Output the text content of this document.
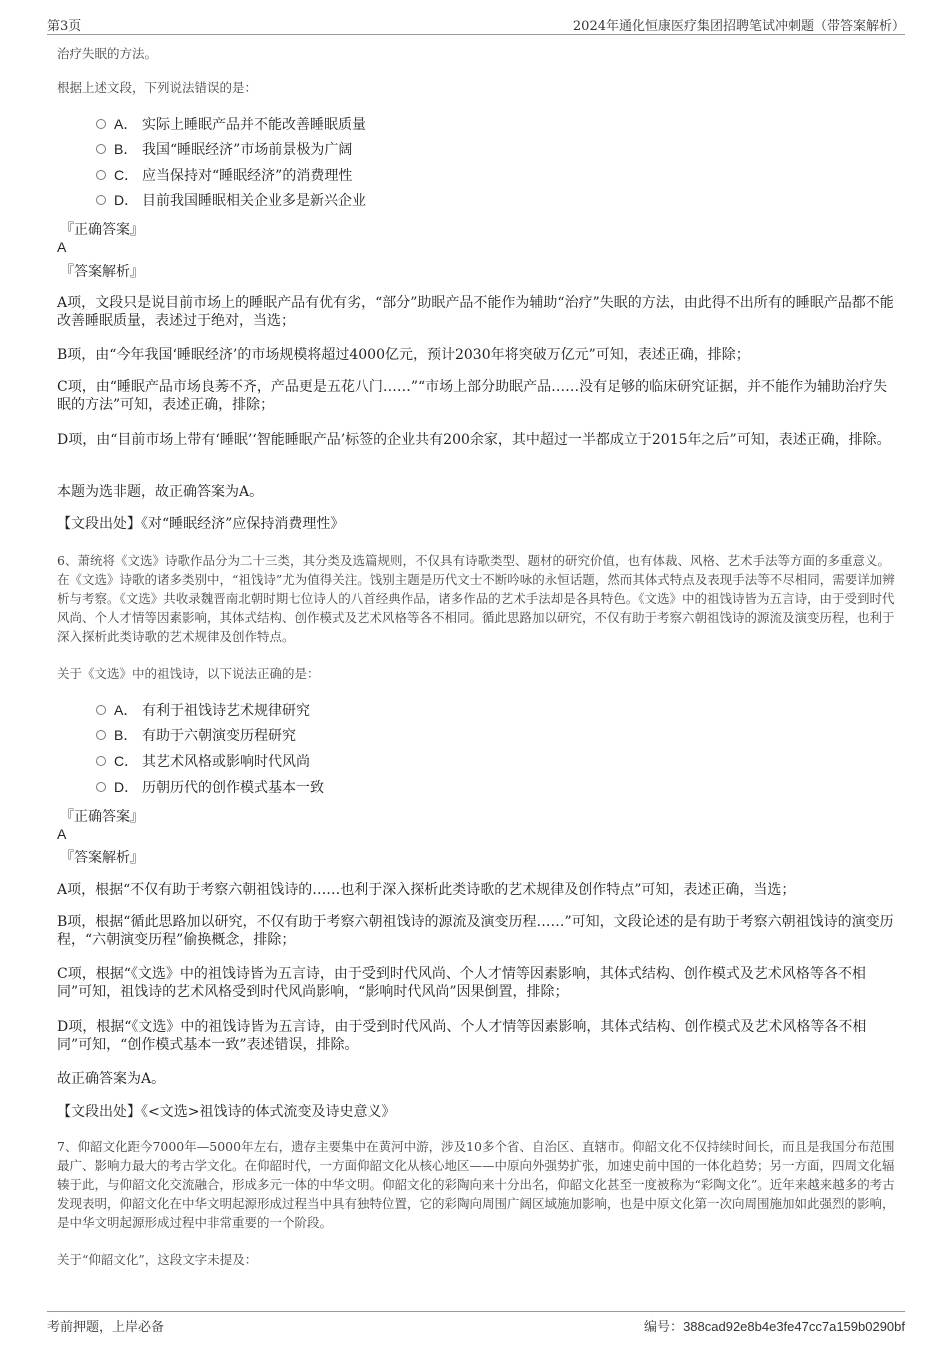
第3页	2024年通化恒康医疗集团招聘笔试冲刺题（带答案解析）
治疗失眠的方法。
根据上述文段，下列说法错误的是：
A． 实际上睡眠产品并不能改善睡眠质量
B． 我国“睡眠经济”市场前景极为广阔
C． 应当保持对“睡眠经济”的消费理性
D． 目前我国睡眠相关企业多是新兴企业
『正确答案』
A
『答案解析』
A项，文段只是说目前市场上的睡眠产品有优有劣，“部分”助眠产品不能作为辅助“治疗”失眠的方法，由此得不出所有的睡眠产品都不能改善睡眠质量，表述过于绝对，当选；
B项，由“今年我国‘睡眠经济’的市场规模将超过4000亿元，预计2030年将突破万亿元”可知，表述正确，排除；
C项，由“睡眠产品市场良莠不齐，产品更是五花八门……”“市场上部分助眠产品……没有足够的临床研究证据，并不能作为辅助治疗失眠的方法”可知，表述正确，排除；
D项，由“目前市场上带有‘睡眠’‘智能睡眠产品’标签的企业共有200余家，其中超过一半都成立于2015年之后”可知，表述正确，排除。
本题为选非题，故正确答案为A。
【文段出处】《对“睡眠经济”应保持消费理性》
6、萧统将《文选》诗歌作品分为二十三类，其分类及选篇规则，不仅具有诗歌类型、题材的研究价值，也有体裁、风格、艺术手法等方面的多重意义。在《文选》诗歌的诸多类别中，“祖饯诗”尤为值得关注。饯别主题是历代文士不断吟咏的永恒话题，然而其体式特点及表现手法等不尽相同，需要详加辨析与考察。《文选》共收录魏晋南北朝时期七位诗人的八首经典作品，诸多作品的艺术手法却是各具特色。《文选》中的祖饯诗皆为五言诗，由于受到时代风尚、个人才情等因素影响，其体式结构、创作模式及艺术风格等各不相同。循此思路加以研究，不仅有助于考察六朝祖饯诗的源流及演变历程，也利于深入探析此类诗歌的艺术规律及创作特点。
关于《文选》中的祖饯诗，以下说法正确的是：
A． 有利于祖饯诗艺术规律研究
B． 有助于六朝演变历程研究
C． 其艺术风格或影响时代风尚
D． 历朝历代的创作模式基本一致
『正确答案』
A
『答案解析』
A项，根据“不仅有助于考察六朝祖饯诗的……也利于深入探析此类诗歌的艺术规律及创作特点”可知，表述正确，当选；
B项，根据“循此思路加以研究，不仅有助于考察六朝祖饯诗的源流及演变历程……”可知，文段论述的是有助于考察六朝祖饯诗的演变历程，“六朝演变历程”偷换概念，排除；
C项，根据“《文选》中的祖饯诗皆为五言诗，由于受到时代风尚、个人才情等因素影响，其体式结构、创作模式及艺术风格等各不相同”可知，祖饯诗的艺术风格受到时代风尚影响，“影响时代风尚”因果倒置，排除；
D项，根据“《文选》中的祖饯诗皆为五言诗，由于受到时代风尚、个人才情等因素影响，其体式结构、创作模式及艺术风格等各不相同”可知，“创作模式基本一致”表述错误，排除。
故正确答案为A。
【文段出处】《<文选>祖饯诗的体式流变及诗史意义》
7、仰韶文化距今7000年—5000年左右，遗存主要集中在黄河中游，涉及10多个省、自治区、直辖市。仰韶文化不仅持续时间长，而且是我国分布范围最广、影响力最大的考古学文化。在仰韶时代，一方面仰韶文化从核心地区——中原向外强势扩张，加速史前中国的一体化趋势；另一方面，四周文化辐辏于此，与仰韶文化交流融合，形成多元一体的中华文明。仰韶文化的彩陶向来十分出名，仰韶文化甚至一度被称为“彩陶文化”。近年来越来越多的考古发现表明，仰韶文化在中华文明起源形成过程当中具有独特位置，它的彩陶向周围广阔区域施加影响，也是中原文化第一次向周围施加如此强烈的影响，是中华文明起源形成过程中非常重要的一个阶段。
关于“仰韶文化”，这段文字未提及：
考前押题，上岸必备	编号：388cad92e8b4e3fe47cc7a159b0290bf
